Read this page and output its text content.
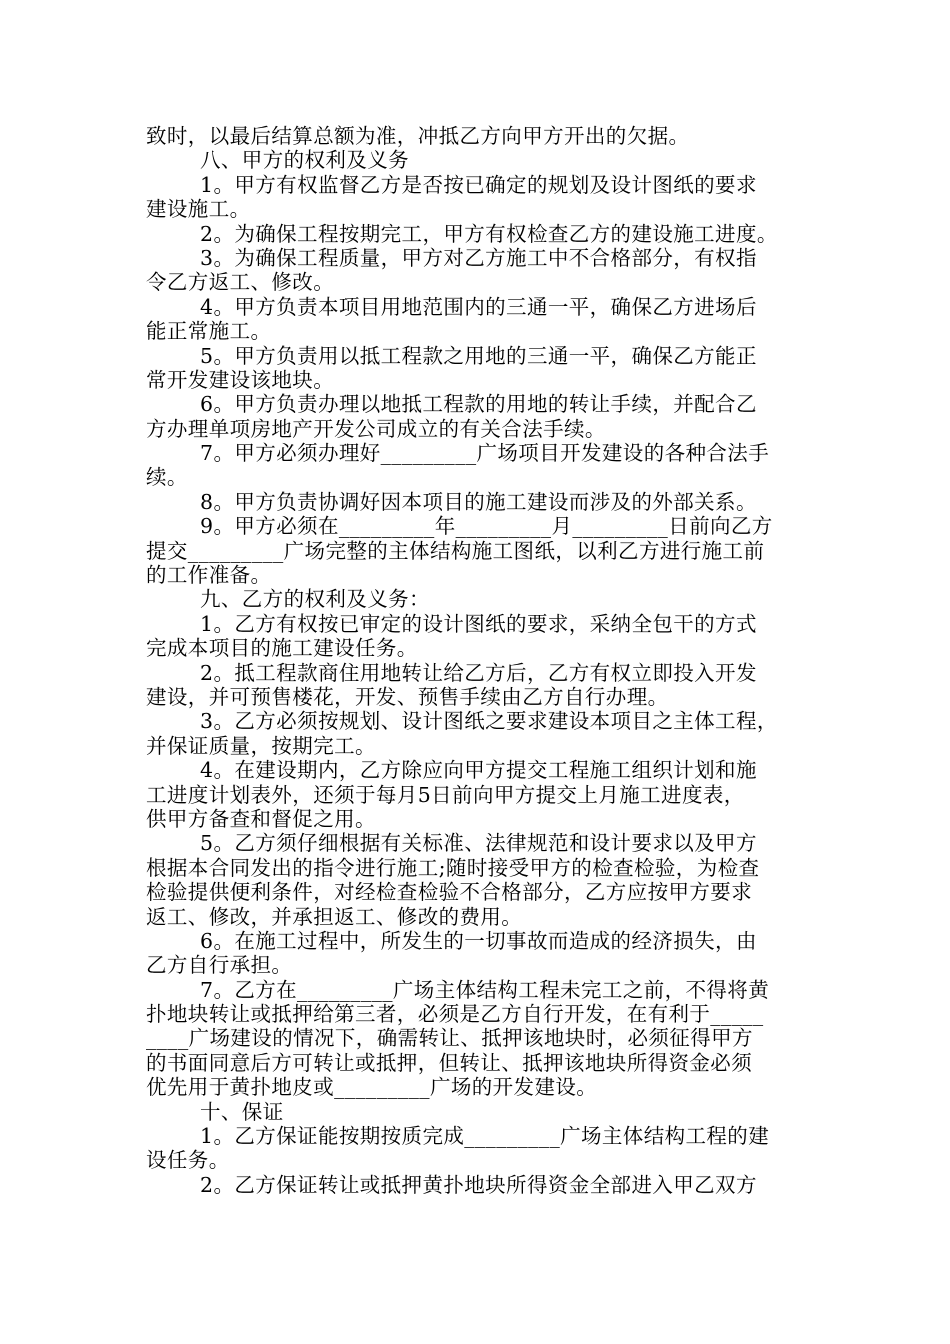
致时，以最后结算总额为准，冲抵乙方向甲方开出的欠据。
八、甲方的权利及义务
1。甲方有权监督乙方是否按已确定的规划及设计图纸的要求
建设施工。
2。为确保工程按期完工，甲方有权检查乙方的建设施工进度。
3。为确保工程质量，甲方对乙方施工中不合格部分，有权指
令乙方返工、修改。
4。甲方负责本项目用地范围内的三通一平，确保乙方进场后
能正常施工。
5。甲方负责用以抵工程款之用地的三通一平，确保乙方能正
常开发建设该地块。
6。甲方负责办理以地抵工程款的用地的转让手续，并配合乙
方办理单项房地产开发公司成立的有关合法手续。
7。甲方必须办理好_________广场项目开发建设的各种合法手
续。
8。甲方负责协调好因本项目的施工建设而涉及的外部关系。
9。甲方必须在_________年_________月_________日前向乙方
提交_________广场完整的主体结构施工图纸，以利乙方进行施工前
的工作准备。
九、乙方的权利及义务：
1。乙方有权按已审定的设计图纸的要求，采纳全包干的方式
完成本项目的施工建设任务。
2。抵工程款商住用地转让给乙方后，乙方有权立即投入开发
建设，并可预售楼花，开发、预售手续由乙方自行办理。
3。乙方必须按规划、设计图纸之要求建设本项目之主体工程，
并保证质量，按期完工。
4。在建设期内，乙方除应向甲方提交工程施工组织计划和施
工进度计划表外，还须于每月5日前向甲方提交上月施工进度表，
供甲方备查和督促之用。
5。乙方须仔细根据有关标准、法律规范和设计要求以及甲方
根据本合同发出的指令进行施工;随时接受甲方的检查检验，为检查
检验提供便利条件，对经检查检验不合格部分，乙方应按甲方要求
返工、修改，并承担返工、修改的费用。
6。在施工过程中，所发生的一切事故而造成的经济损失，由
乙方自行承担。
7。乙方在_________广场主体结构工程未完工之前，不得将黄
扑地块转让或抵押给第三者，必须是乙方自行开发，在有利于_____
____广场建设的情况下，确需转让、抵押该地块时，必须征得甲方
的书面同意后方可转让或抵押，但转让、抵押该地块所得资金必须
优先用于黄扑地皮或_________广场的开发建设。
十、保证
1。乙方保证能按期按质完成_________广场主体结构工程的建
设任务。
2。乙方保证转让或抵押黄扑地块所得资金全部进入甲乙双方
